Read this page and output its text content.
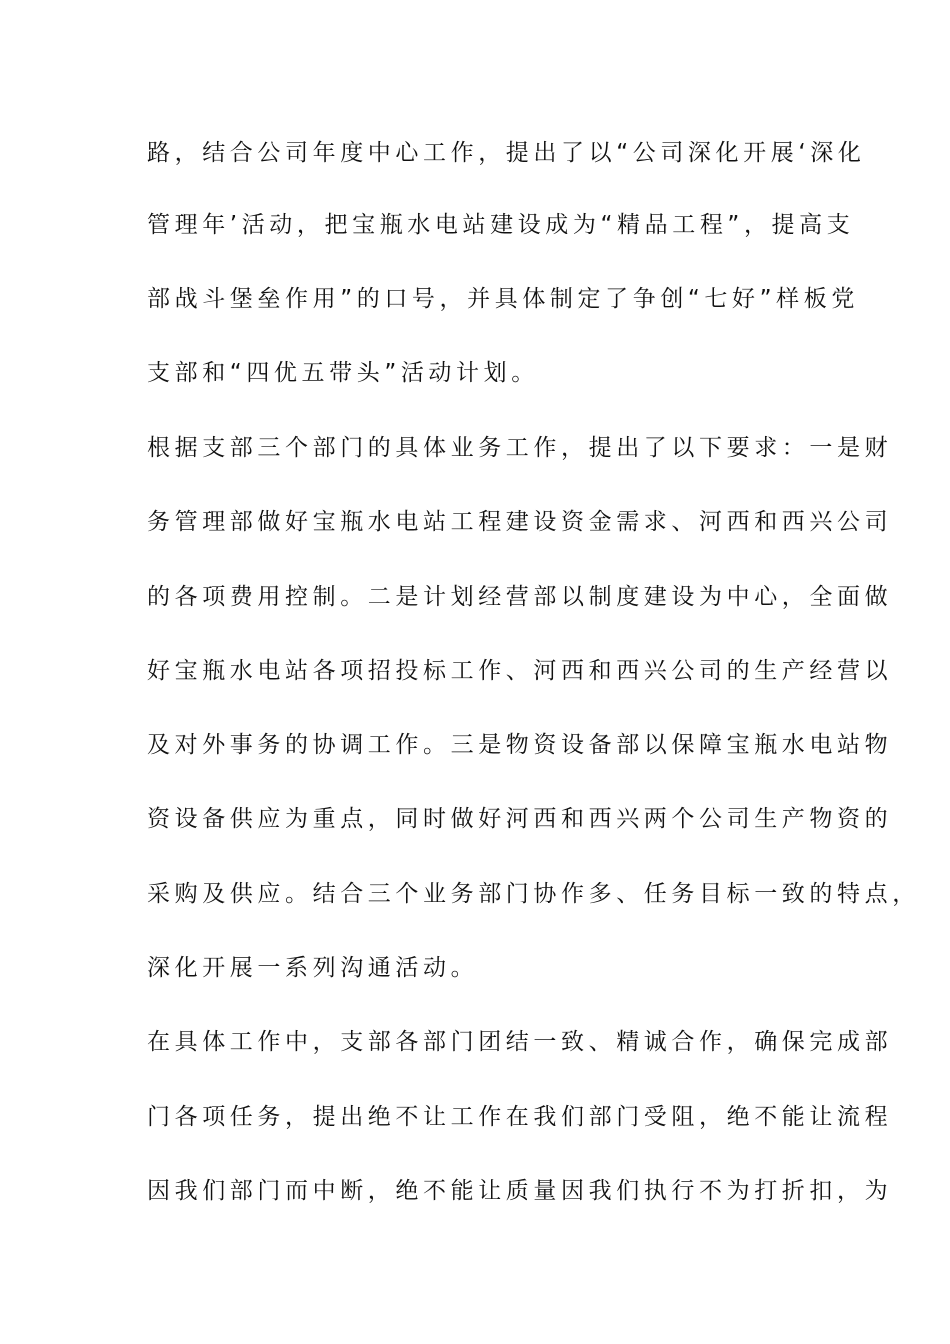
路，结合公司年度中心工作，提出了以“公司深化开展‘深化
管理年’活动，把宝瓶水电站建设成为“精品工程”，提高支
部战斗堡垒作用”的口号，并具体制定了争创“七好”样板党
支部和“四优五带头”活动计划。
根据支部三个部门的具体业务工作，提出了以下要求：一是财
务管理部做好宝瓶水电站工程建设资金需求、河西和西兴公司
的各项费用控制。二是计划经营部以制度建设为中心，全面做
好宝瓶水电站各项招投标工作、河西和西兴公司的生产经营以
及对外事务的协调工作。三是物资设备部以保障宝瓶水电站物
资设备供应为重点，同时做好河西和西兴两个公司生产物资的
采购及供应。结合三个业务部门协作多、任务目标一致的特点，
深化开展一系列沟通活动。
在具体工作中，支部各部门团结一致、精诚合作，确保完成部
门各项任务，提出绝不让工作在我们部门受阻，绝不能让流程
因我们部门而中断，绝不能让质量因我们执行不为打折扣，为
